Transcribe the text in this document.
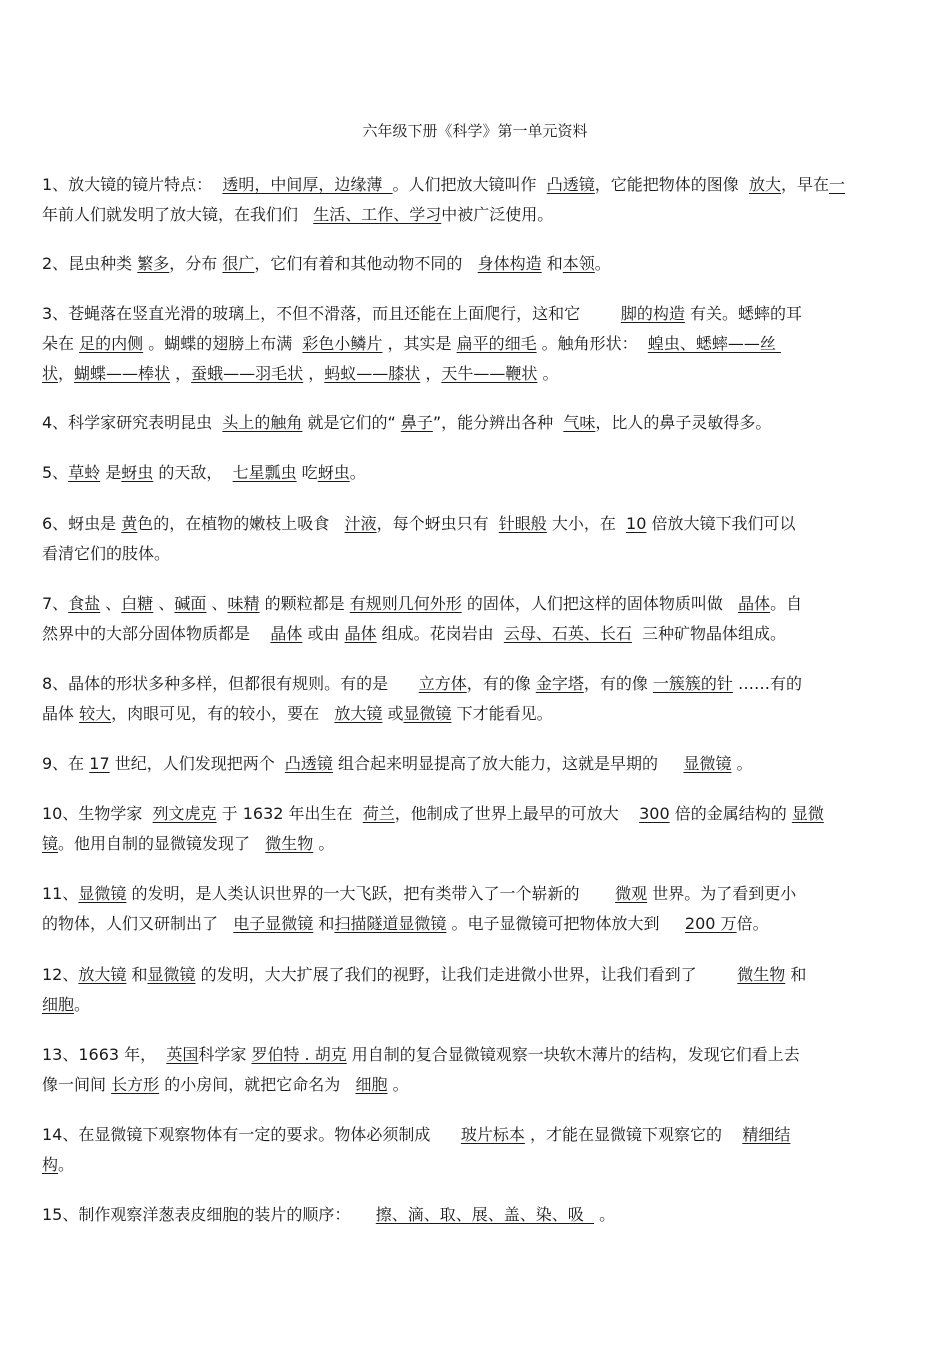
六年级下册《科学》第一单元资料
1、放大镜的镜片特点：  透明，中间厚，边缘薄  。人们把放大镜叫作  凸透镜，它能把物体的图像  放大，早在一
年前人们就发明了放大镜，在我们们   生活、工作、学习中被广泛使用。
2、昆虫种类 繁多，分布 很广，它们有着和其他动物不同的   身体构造 和本领。
3、苍蝇落在竖直光滑的玻璃上，不但不滑落，而且还能在上面爬行，这和它        脚的构造 有关。蟋蟀的耳
朵在 足的内侧 。蝴蝶的翅膀上布满  彩色小鳞片 ，其实是 扁平的细毛 。触角形状：  蝗虫、蟋蟀——丝
状，蝴蝶——棒状 ，蚕蛾——羽毛状 ，蚂蚁——膝状 ，天牛——鞭状 。
4、科学家研究表明昆虫  头上的触角 就是它们的“ 鼻子”，能分辨出各种  气味，比人的鼻子灵敏得多。
5、草蛉 是蚜虫 的天敌，  七星瓢虫 吃蚜虫。
6、蚜虫是 黄色的，在植物的嫩枝上吸食   汁液，每个蚜虫只有  针眼般 大小，在  10 倍放大镜下我们可以
看清它们的肢体。
7、食盐 、白糖 、碱面 、味精 的颗粒都是 有规则几何外形 的固体，人们把这样的固体物质叫做   晶体。自
然界中的大部分固体物质都是    晶体 或由 晶体 组成。花岗岩由  云母、石英、长石  三种矿物晶体组成。
8、晶体的形状多种多样，但都很有规则。有的是      立方体，有的像 金字塔，有的像 一簇簇的针 ……有的
晶体 较大，肉眼可见，有的较小，要在   放大镜 或显微镜 下才能看见。
9、在 17 世纪，人们发现把两个  凸透镜 组合起来明显提高了放大能力，这就是早期的     显微镜 。
10、生物学家  列文虎克 于 1632 年出生在  荷兰，他制成了世界上最早的可放大    300 倍的金属结构的 显微
镜。他用自制的显微镜发现了   微生物 。
11、显微镜 的发明，是人类认识世界的一大飞跃，把有类带入了一个崭新的       微观 世界。为了看到更小
的物体，人们又研制出了   电子显微镜 和扫描隧道显微镜 。电子显微镜可把物体放大到     200 万倍。
12、放大镜 和显微镜 的发明，大大扩展了我们的视野，让我们走进微小世界，让我们看到了        微生物 和
细胞。
13、1663 年，  英国科学家 罗伯特 . 胡克 用自制的复合显微镜观察一块软木薄片的结构，发现它们看上去
像一间间 长方形 的小房间，就把它命名为   细胞 。
14、在显微镜下观察物体有一定的要求。物体必须制成      玻片标本 ，才能在显微镜下观察它的    精细结
构。
15、制作观察洋葱表皮细胞的装片的顺序：     擦、滴、取、展、盖、染、吸   。
